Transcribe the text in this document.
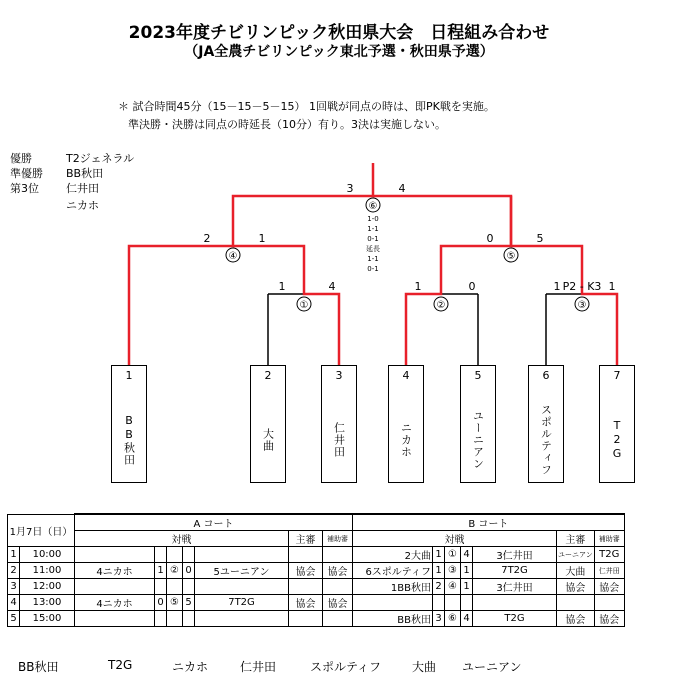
2023年度チビリンピック秋田県大会　日程組み合わせ
（JA全農チビリンピック東北予選・秋田県予選）
＊ 試合時間45分（15－15－5－15） 1回戦が同点の時は、即PK戦を実施。
準決勝・決勝は同点の時延長（10分）有り。3決は実施しない。
優勝	T2ジェネラル
準優勝 BB秋田
第3位 仁井田
ニカホ
①	②	③
④	⑤
⑥
1	4	1	0	1 P2 - K3 1
2	1	0	5
3	4
1-0
1-1
0-1
延長
1-1
0-1
1
BB秋田
2
大曲
3
仁井田
4
ニカホ
5
ユーニアン
6
スポルティフ
7
T2G
1月7日（日）		A コート							B コート						
		対戦					主審	補助審	対戦					主審	補助審
1	10:00								2大曲	1	①	4	3仁井田	ユーニアン	T2G
2	11:00	4ニカホ	1	②	0	5ユーニアン	協会	協会	6スポルティフ	1	③	1	7T2G	大曲	仁井田
3	12:00								1BB秋田	2	④	1	3仁井田	協会	協会
4	13:00	4ニカホ	0	⑤	5	7T2G	協会	協会							
5	15:00								BB秋田	3	⑥	4	T2G	協会	協会
BB秋田	T2G	ニカホ	仁井田	スポルティフ	大曲 ユーニアン
